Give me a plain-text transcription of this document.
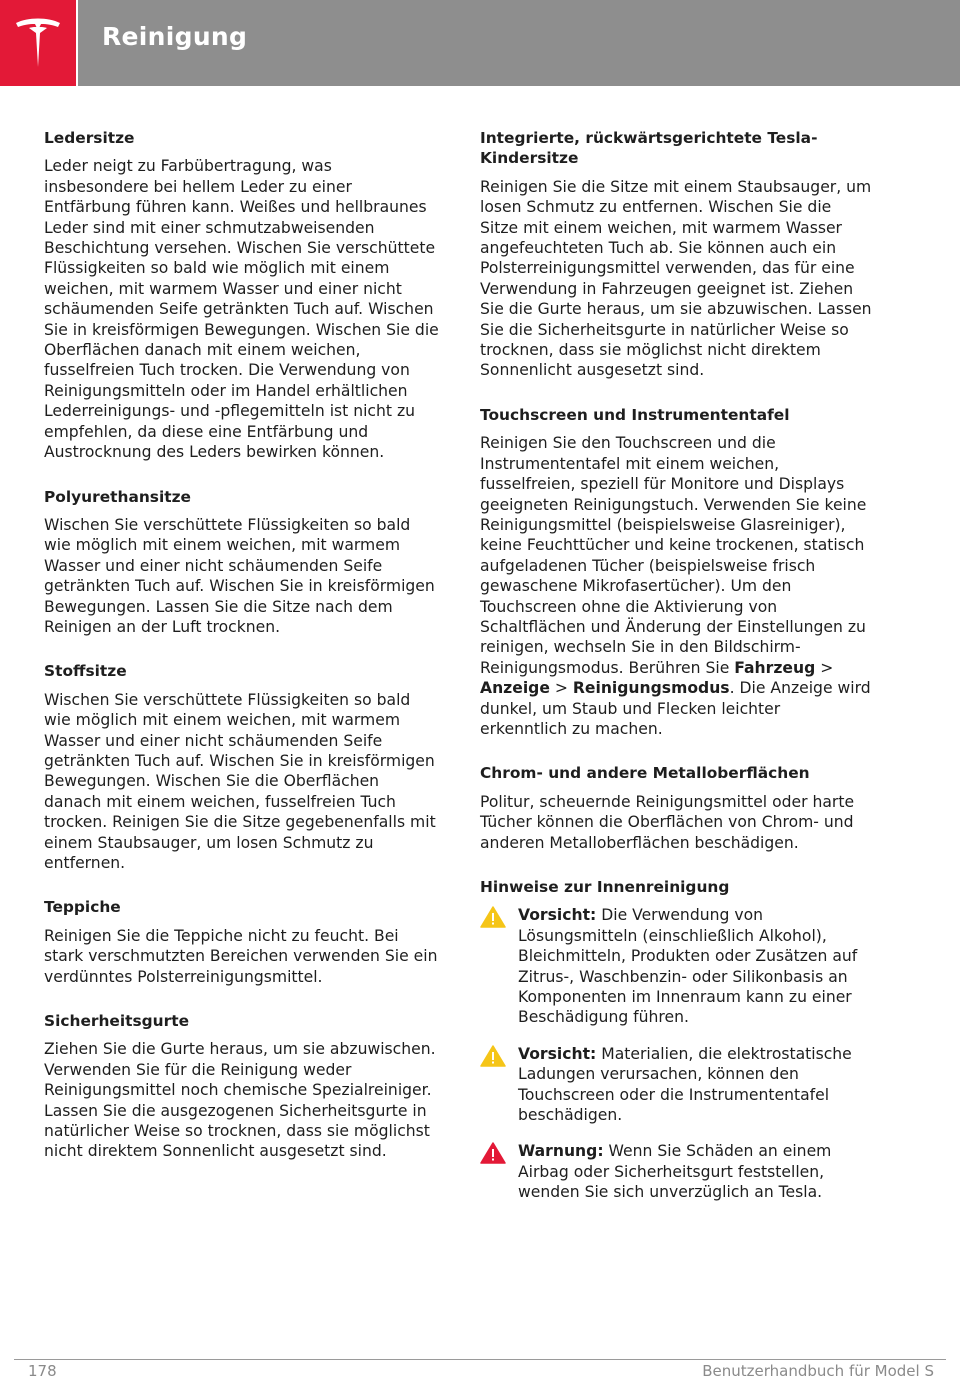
Reinigung
Ledersitze

Leder neigt zu Farbübertragung, was insbesondere bei hellem Leder zu einer Entfärbung führen kann. Weißes und hellbraunes Leder sind mit einer schmutzabweisenden Beschichtung versehen. Wischen Sie verschüttete Flüssigkeiten so bald wie möglich mit einem weichen, mit warmem Wasser und einer nicht schäumenden Seife getränkten Tuch auf. Wischen Sie in kreisförmigen Bewegungen. Wischen Sie die Oberflächen danach mit einem weichen, fusselfreien Tuch trocken. Die Verwendung von Reinigungsmitteln oder im Handel erhältlichen Lederreinigungs- und -pflegemitteln ist nicht zu empfehlen, da diese eine Entfärbung und Austrocknung des Leders bewirken können.

Polyurethansitze

Wischen Sie verschüttete Flüssigkeiten so bald wie möglich mit einem weichen, mit warmem Wasser und einer nicht schäumenden Seife getränkten Tuch auf. Wischen Sie in kreisförmigen Bewegungen. Lassen Sie die Sitze nach dem Reinigen an der Luft trocknen.

Stoffsitze

Wischen Sie verschüttete Flüssigkeiten so bald wie möglich mit einem weichen, mit warmem Wasser und einer nicht schäumenden Seife getränkten Tuch auf. Wischen Sie in kreisförmigen Bewegungen. Wischen Sie die Oberflächen danach mit einem weichen, fusselfreien Tuch trocken. Reinigen Sie die Sitze gegebenenfalls mit einem Staubsauger, um losen Schmutz zu entfernen.

Teppiche

Reinigen Sie die Teppiche nicht zu feucht. Bei stark verschmutzten Bereichen verwenden Sie ein verdünntes Polsterreinigungsmittel.

Sicherheitsgurte

Ziehen Sie die Gurte heraus, um sie abzuwischen. Verwenden Sie für die Reinigung weder Reinigungsmittel noch chemische Spezialreiniger. Lassen Sie die ausgezogenen Sicherheitsgurte in natürlicher Weise so trocknen, dass sie möglichst nicht direktem Sonnenlicht ausgesetzt sind.

Integrierte, rückwärtsgerichtete Tesla-Kindersitze

Reinigen Sie die Sitze mit einem Staubsauger, um losen Schmutz zu entfernen. Wischen Sie die Sitze mit einem weichen, mit warmem Wasser angefeuchteten Tuch ab. Sie können auch ein Polsterreinigungsmittel verwenden, das für eine Verwendung in Fahrzeugen geeignet ist. Ziehen Sie die Gurte heraus, um sie abzuwischen. Lassen Sie die Sicherheitsgurte in natürlicher Weise so trocknen, dass sie möglichst nicht direktem Sonnenlicht ausgesetzt sind.

Touchscreen und Instrumententafel

Reinigen Sie den Touchscreen und die Instrumententafel mit einem weichen, fusselfreien, speziell für Monitore und Displays geeigneten Reinigungstuch. Verwenden Sie keine Reinigungsmittel (beispielsweise Glasreiniger), keine Feuchttücher und keine trockenen, statisch aufgeladenen Tücher (beispielsweise frisch gewaschene Mikrofasertücher). Um den Touchscreen ohne die Aktivierung von Schaltflächen und Änderung der Einstellungen zu reinigen, wechseln Sie in den Bildschirm-Reinigungsmodus. Berühren Sie Fahrzeug > Anzeige > Reinigungsmodus. Die Anzeige wird dunkel, um Staub und Flecken leichter erkenntlich zu machen.

Chrom- und andere Metalloberflächen

Politur, scheuernde Reinigungsmittel oder harte Tücher können die Oberflächen von Chrom- und anderen Metalloberflächen beschädigen.

Hinweise zur Innenreinigung
Vorsicht: Die Verwendung von Lösungsmitteln (einschließlich Alkohol), Bleichmitteln, Produkten oder Zusätzen auf Zitrus-, Waschbenzin- oder Silikonbasis an Komponenten im Innenraum kann zu einer Beschädigung führen.
Vorsicht: Materialien, die elektrostatische Ladungen verursachen, können den Touchscreen oder die Instrumententafel beschädigen.
Warnung: Wenn Sie Schäden an einem Airbag oder Sicherheitsgurt feststellen, wenden Sie sich unverzüglich an Tesla.
178	Benutzerhandbuch für Model S
